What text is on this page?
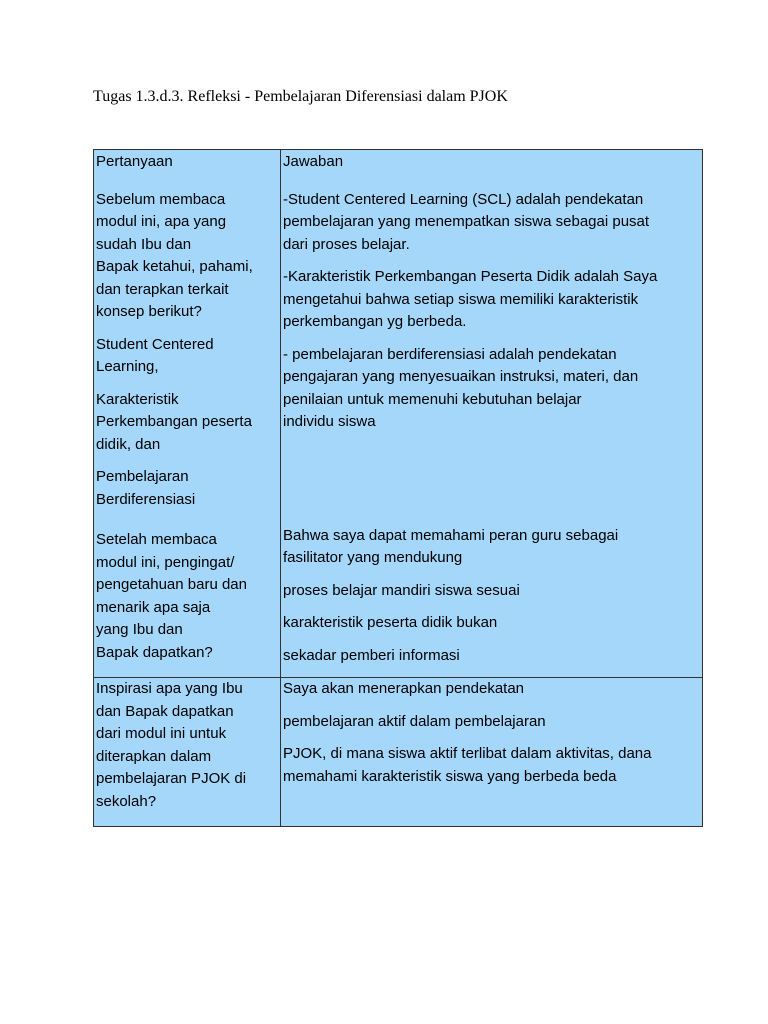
Tugas 1.3.d.3. Refleksi - Pembelajaran Diferensiasi dalam PJOK
Pertanyaan
Sebelum membaca
modul ini, apa yang
sudah Ibu dan
Bapak ketahui, pahami,
dan terapkan terkait
konsep berikut?
Student Centered
Learning,
Karakteristik
Perkembangan peserta
didik, dan
Pembelajaran
Berdiferensiasi
Setelah membaca
modul ini, pengingat/
pengetahuan baru dan
menarik apa saja
yang Ibu dan
Bapak dapatkan?
Jawaban
-Student Centered Learning (SCL) adalah pendekatan
pembelajaran yang menempatkan siswa sebagai pusat
dari proses belajar.
-Karakteristik Perkembangan Peserta Didik adalah Saya
mengetahui bahwa setiap siswa memiliki karakteristik
perkembangan yg berbeda.
- pembelajaran berdiferensiasi adalah pendekatan
pengajaran yang menyesuaikan instruksi, materi, dan
penilaian untuk memenuhi kebutuhan belajar
individu siswa
Bahwa saya dapat memahami peran guru sebagai
fasilitator yang mendukung
proses belajar mandiri siswa sesuai
karakteristik peserta didik bukan
sekadar pemberi informasi
Inspirasi apa yang Ibu
dan Bapak dapatkan
dari modul ini untuk
diterapkan dalam
pembelajaran PJOK di
sekolah?
Saya akan menerapkan pendekatan
pembelajaran aktif dalam pembelajaran
PJOK, di mana siswa aktif terlibat dalam aktivitas, dana
memahami karakteristik siswa yang berbeda beda
